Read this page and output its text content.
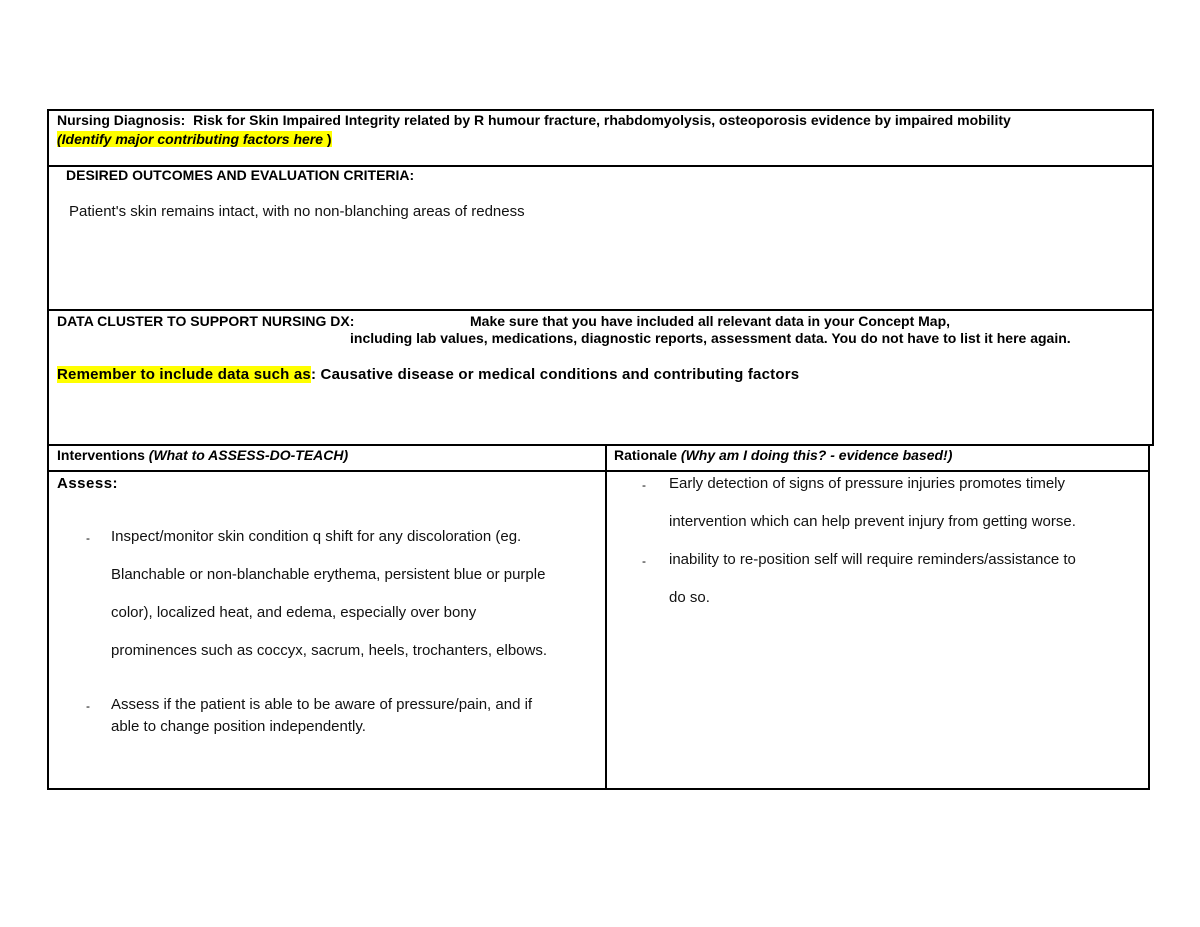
Nursing Diagnosis: Risk for Skin Impaired Integrity related by R humour fracture, rhabdomyolysis, osteoporosis evidence by impaired mobility
(Identify major contributing factors here )
DESIRED OUTCOMES AND EVALUATION CRITERIA:
Patient's skin remains intact, with no non-blanching areas of redness
DATA CLUSTER TO SUPPORT NURSING DX:	Make sure that you have included all relevant data in your Concept Map,
including lab values, medications, diagnostic reports, assessment data. You do not have to list it here again.
Remember to include data such as: Causative disease or medical conditions and contributing factors
Interventions (What to ASSESS-DO-TEACH)	Rationale (Why am I doing this? - evidence based!)
Assess:
- Inspect/monitor skin condition q shift for any discoloration (eg.
Blanchable or non-blanchable erythema, persistent blue or purple
color), localized heat, and edema, especially over bony
prominences such as coccyx, sacrum, heels, trochanters, elbows.
- Assess if the patient is able to be aware of pressure/pain, and if
able to change position independently.
- Early detection of signs of pressure injuries promotes timely
intervention which can help prevent injury from getting worse.
- inability to re-position self will require reminders/assistance to
do so.
